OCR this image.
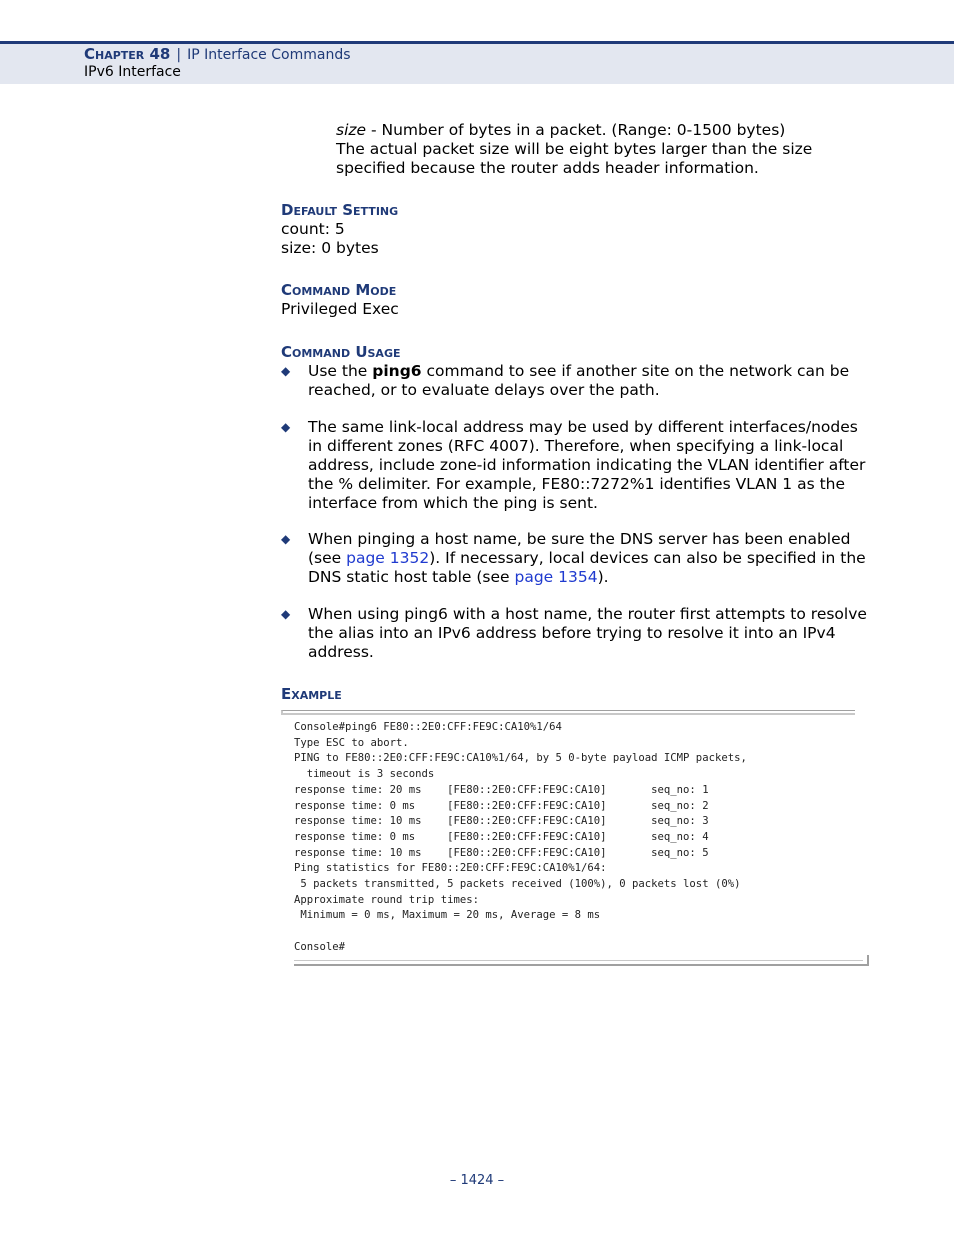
Chapter 48 | IP Interface Commands
IPv6 Interface
size - Number of bytes in a packet. (Range: 0-1500 bytes)
The actual packet size will be eight bytes larger than the size
specified because the router adds header information.
Default Setting
count: 5
size: 0 bytes
Command Mode
Privileged Exec
Command Usage
◆ Use the ping6 command to see if another site on the network can be reached, or to evaluate delays over the path.
◆ The same link-local address may be used by different interfaces/nodes in different zones (RFC 4007). Therefore, when specifying a link-local address, include zone-id information indicating the VLAN identifier after the % delimiter. For example, FE80::7272%1 identifies VLAN 1 as the interface from which the ping is sent.
◆ When pinging a host name, be sure the DNS server has been enabled (see page 1352). If necessary, local devices can also be specified in the DNS static host table (see page 1354).
◆ When using ping6 with a host name, the router first attempts to resolve the alias into an IPv6 address before trying to resolve it into an IPv4 address.
Example
Console#ping6 FE80::2E0:CFF:FE9C:CA10%1/64
Type ESC to abort.
PING to FE80::2E0:CFF:FE9C:CA10%1/64, by 5 0-byte payload ICMP packets,
timeout is 3 seconds
response time: 20 ms    [FE80::2E0:CFF:FE9C:CA10]       seq_no: 1
response time: 0 ms     [FE80::2E0:CFF:FE9C:CA10]       seq_no: 2
response time: 10 ms    [FE80::2E0:CFF:FE9C:CA10]       seq_no: 3
response time: 0 ms     [FE80::2E0:CFF:FE9C:CA10]       seq_no: 4
response time: 10 ms    [FE80::2E0:CFF:FE9C:CA10]       seq_no: 5
Ping statistics for FE80::2E0:CFF:FE9C:CA10%1/64:
5 packets transmitted, 5 packets received (100%), 0 packets lost (0%)
Approximate round trip times:
Minimum = 0 ms, Maximum = 20 ms, Average = 8 ms

Console#
– 1424 –
